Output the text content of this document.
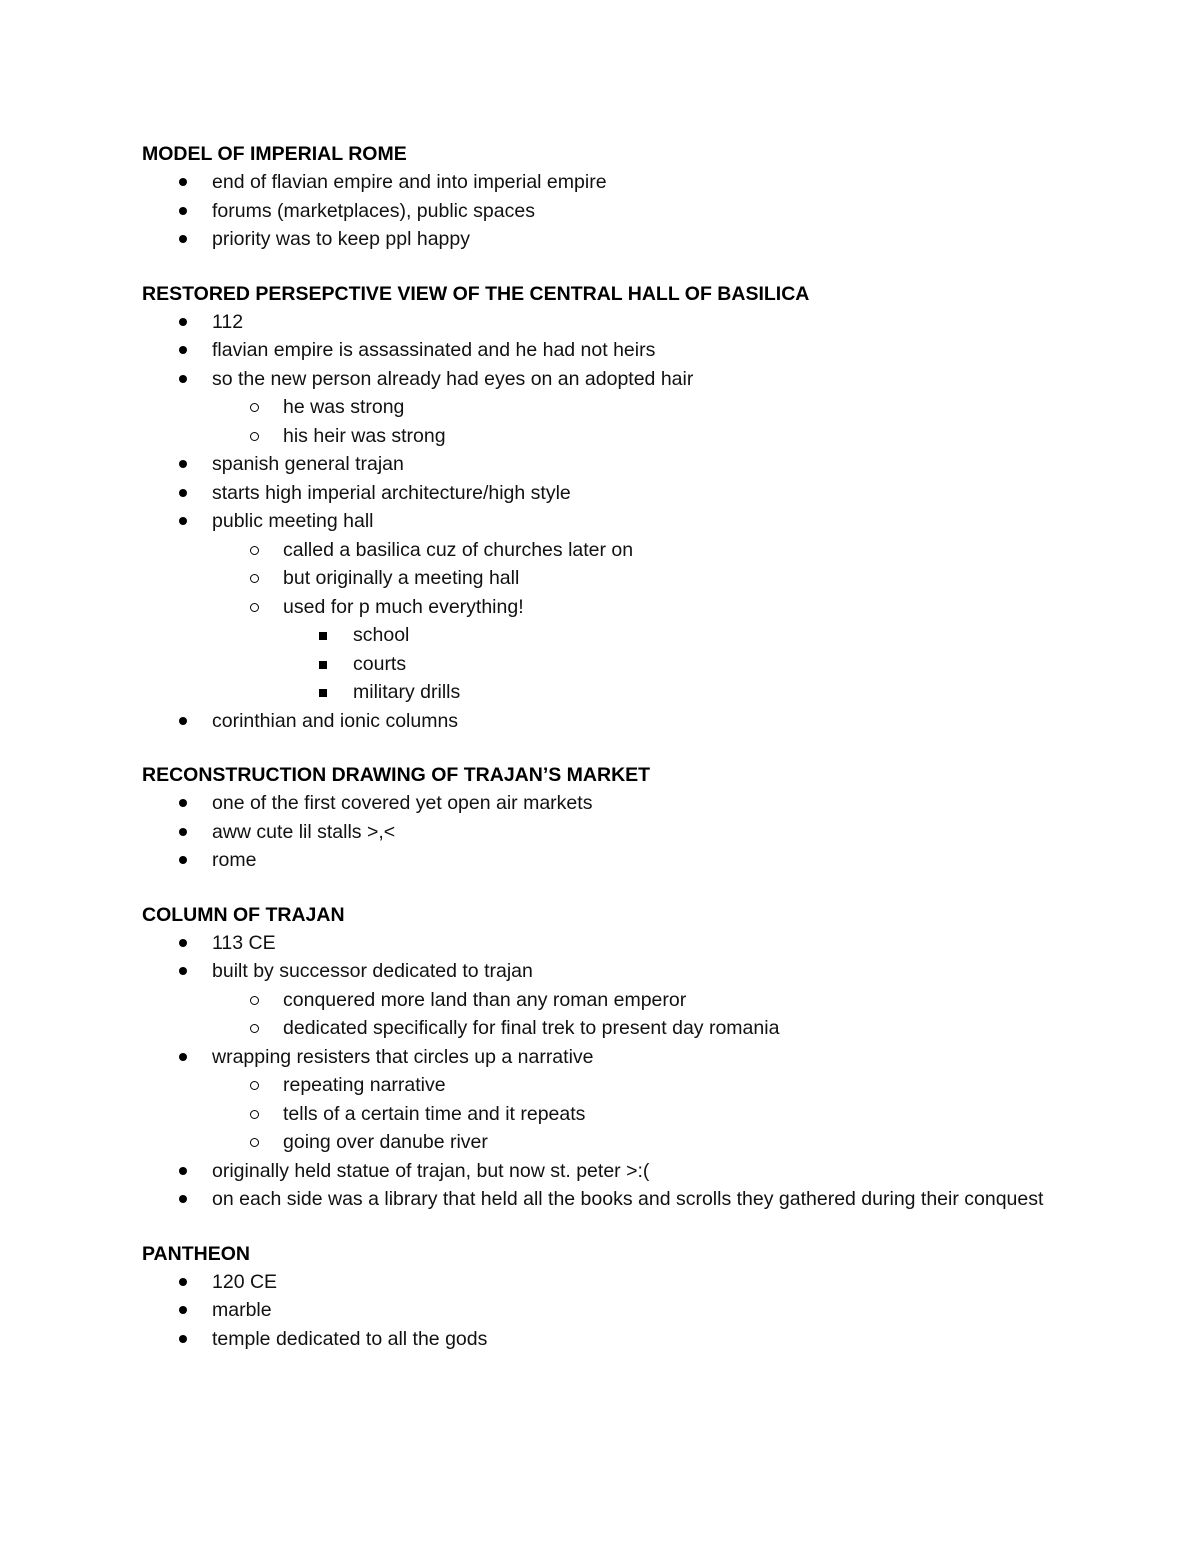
MODEL OF IMPERIAL ROME
end of flavian empire and into imperial empire
forums (marketplaces), public spaces
priority was to keep ppl happy
RESTORED PERSEPCTIVE VIEW OF THE CENTRAL HALL OF BASILICA
112
flavian empire is assassinated and he had not heirs
so the new person already had eyes on an adopted hair
he was strong
his heir was strong
spanish general trajan
starts high imperial architecture/high style
public meeting hall
called a basilica cuz of churches later on
but originally a meeting hall
used for p much everything!
school
courts
military drills
corinthian and ionic columns
RECONSTRUCTION DRAWING OF TRAJAN’S MARKET
one of the first covered yet open air markets
aww cute lil stalls >,<
rome
COLUMN OF TRAJAN
113 CE
built by successor dedicated to trajan
conquered more land than any roman emperor
dedicated specifically for final trek to present day romania
wrapping resisters that circles up a narrative
repeating narrative
tells of a certain time and it repeats
going over danube river
originally held statue of trajan, but now st. peter >:(
on each side was a library that held all the books and scrolls they gathered during their conquest
PANTHEON
120 CE
marble
temple dedicated to all the gods
